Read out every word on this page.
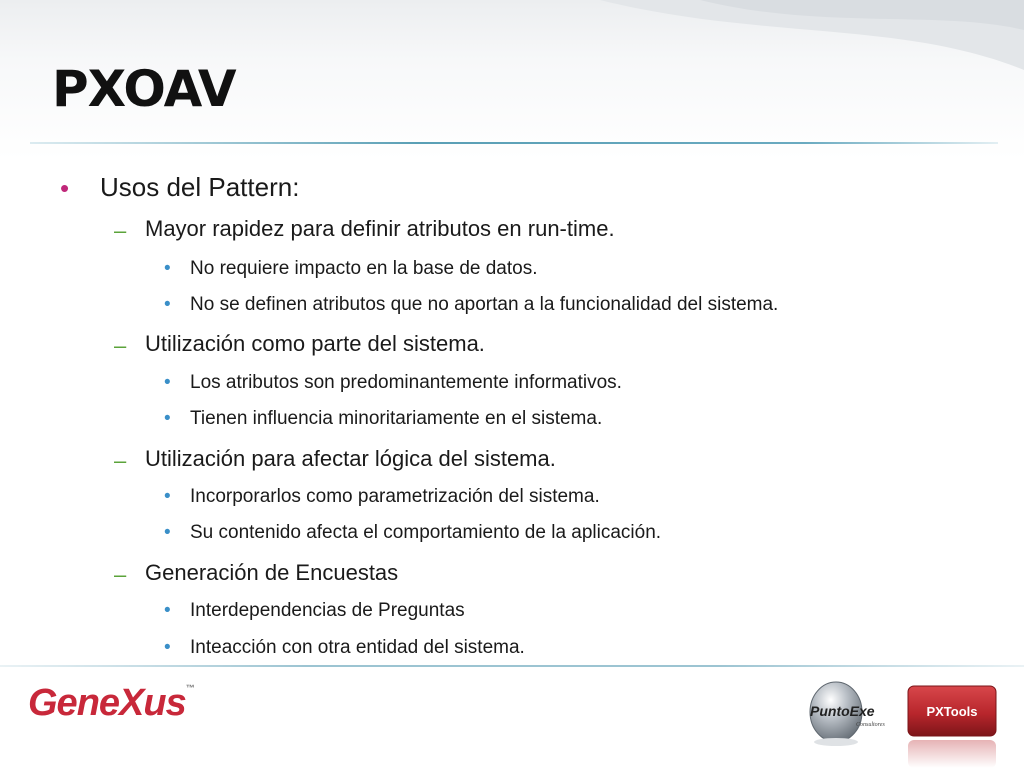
PXOAV
• Usos del Pattern:
– Mayor rapidez para definir atributos en run-time.
• No requiere impacto en la base de datos.
• No se definen atributos que no aportan a la funcionalidad del sistema.
– Utilización como parte del sistema.
• Los atributos son predominantemente informativos.
• Tienen influencia minoritariamente en el sistema.
– Utilización para afectar lógica del sistema.
• Incorporarlos como parametrización del sistema.
• Su contenido afecta el comportamiento de la aplicación.
– Generación de Encuestas
• Interdependencias de Preguntas
• Inteacción con otra entidad del sistema.
GeneXus™
PuntoExe
Consultores
PXTools
